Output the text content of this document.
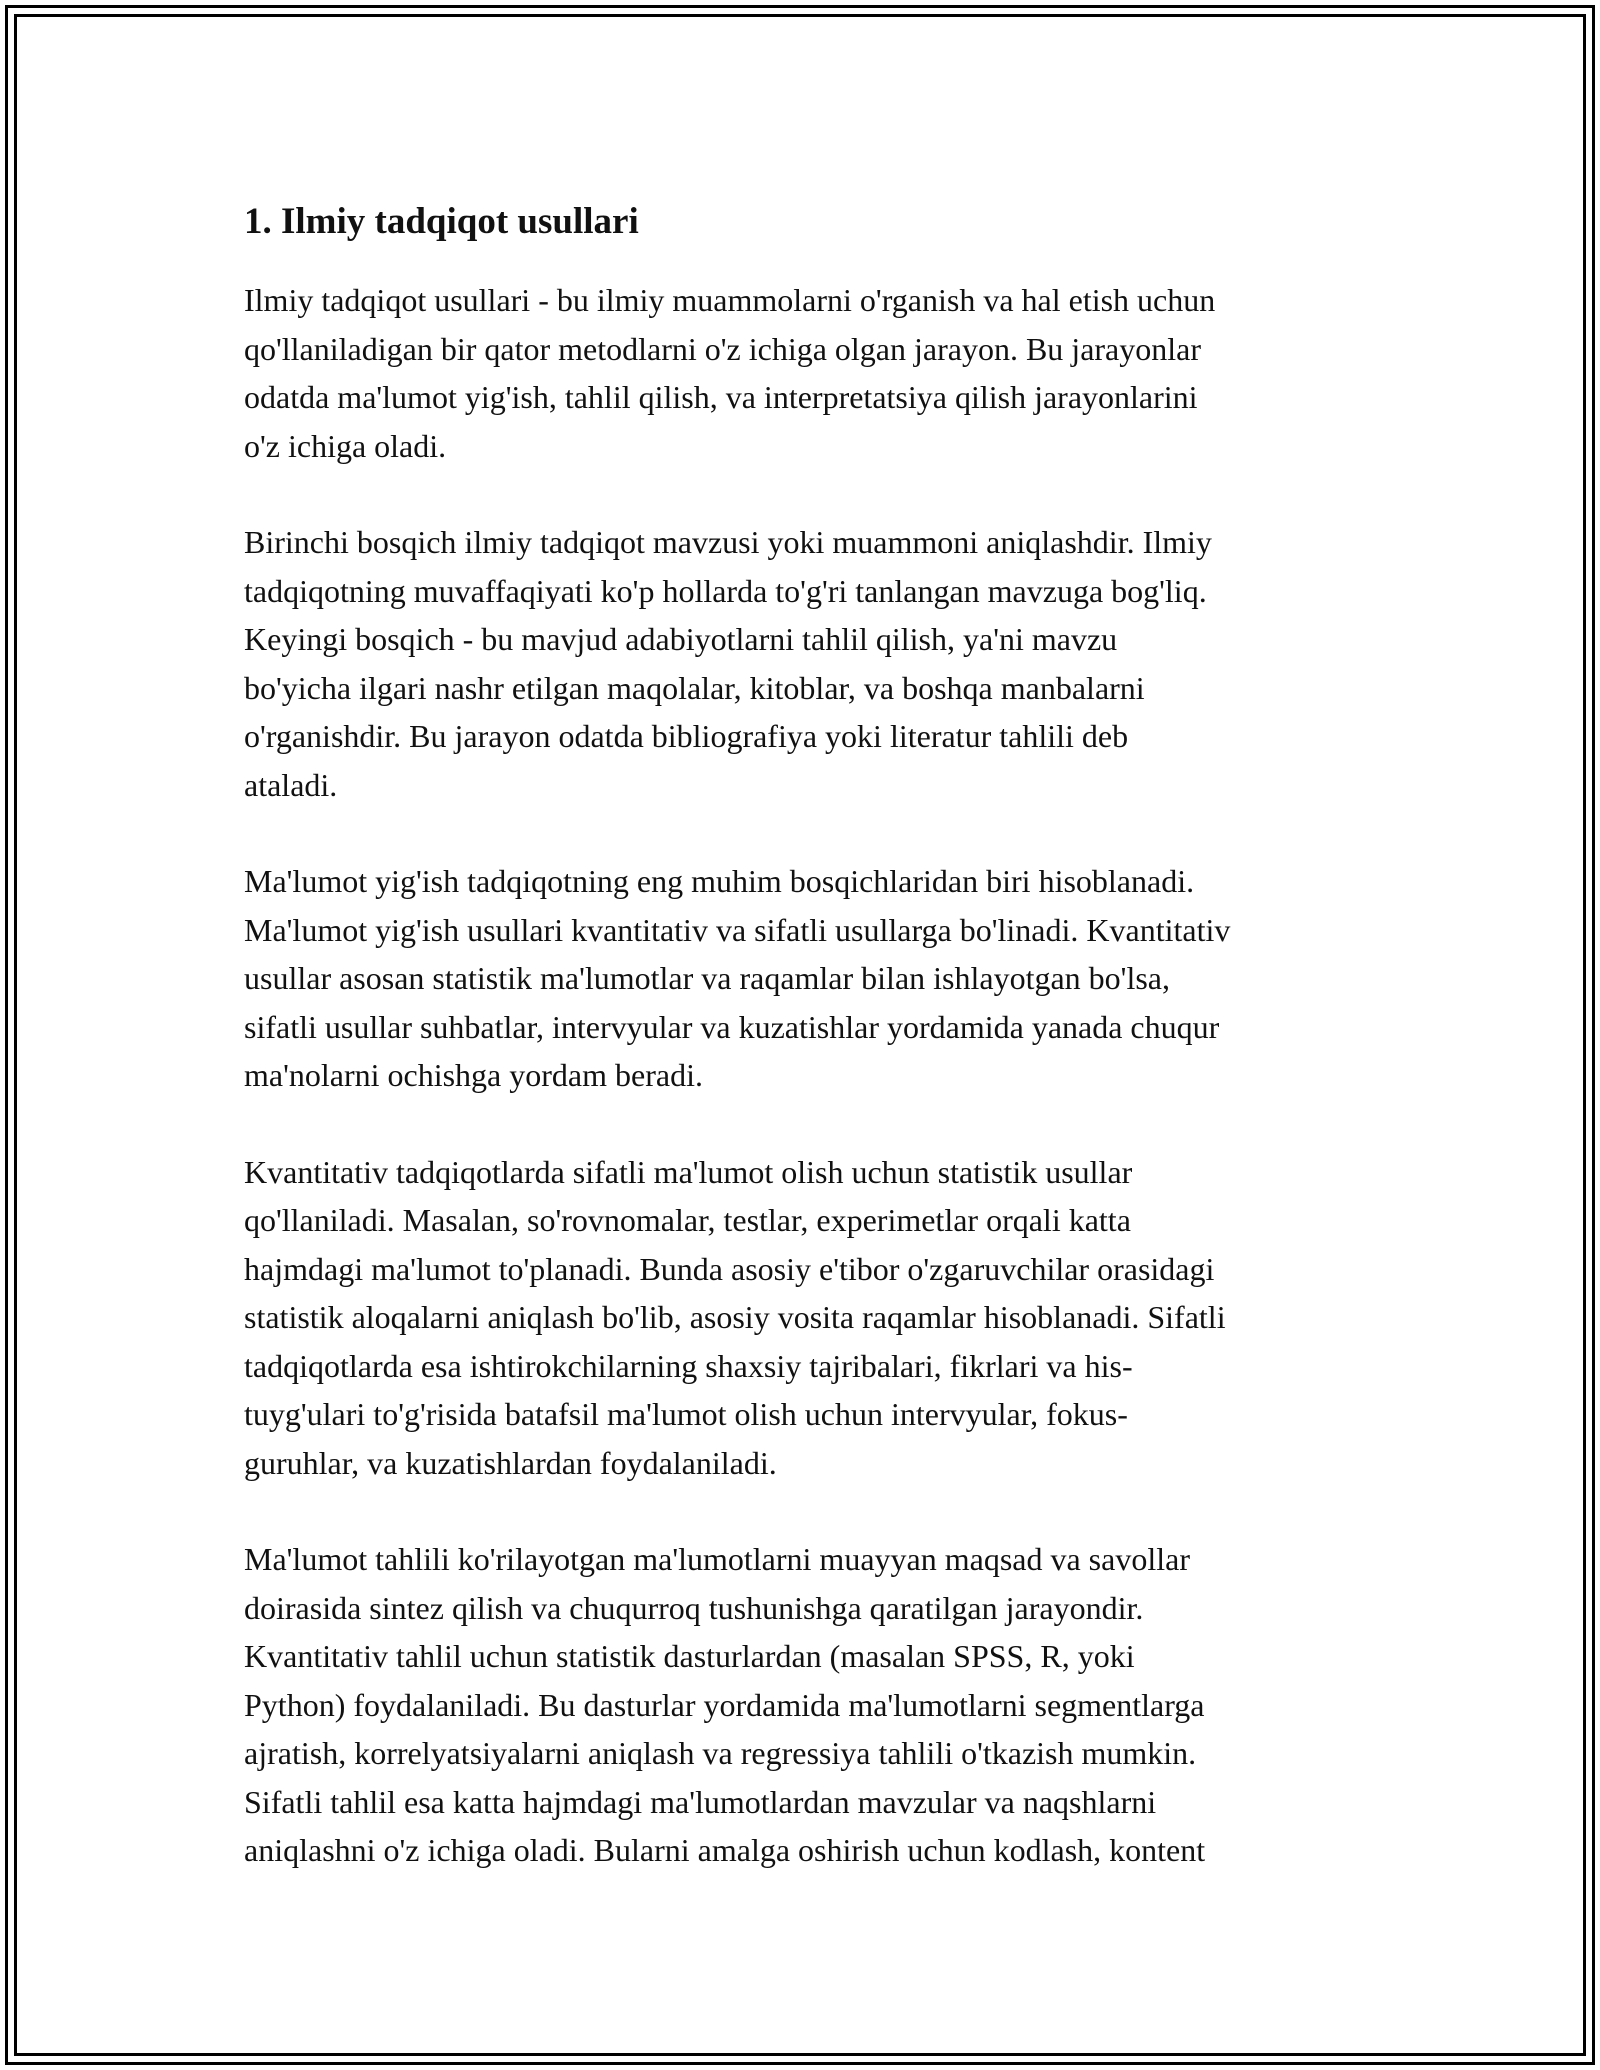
1. Ilmiy tadqiqot usullari

Ilmiy tadqiqot usullari - bu ilmiy muammolarni o'rganish va hal etish uchun
qo'llaniladigan bir qator metodlarni o'z ichiga olgan jarayon. Bu jarayonlar
odatda ma'lumot yig'ish, tahlil qilish, va interpretatsiya qilish jarayonlarini
o'z ichiga oladi.

Birinchi bosqich ilmiy tadqiqot mavzusi yoki muammoni aniqlashdir. Ilmiy
tadqiqotning muvaffaqiyati ko'p hollarda to'g'ri tanlangan mavzuga bog'liq.
Keyingi bosqich - bu mavjud adabiyotlarni tahlil qilish, ya'ni mavzu
bo'yicha ilgari nashr etilgan maqolalar, kitoblar, va boshqa manbalarni
o'rganishdir. Bu jarayon odatda bibliografiya yoki literatur tahlili deb
ataladi.

Ma'lumot yig'ish tadqiqotning eng muhim bosqichlaridan biri hisoblanadi.
Ma'lumot yig'ish usullari kvantitativ va sifatli usullarga bo'linadi. Kvantitativ
usullar asosan statistik ma'lumotlar va raqamlar bilan ishlayotgan bo'lsa,
sifatli usullar suhbatlar, intervyular va kuzatishlar yordamida yanada chuqur
ma'nolarni ochishga yordam beradi.

Kvantitativ tadqiqotlarda sifatli ma'lumot olish uchun statistik usullar
qo'llaniladi. Masalan, so'rovnomalar, testlar, experimetlar orqali katta
hajmdagi ma'lumot to'planadi. Bunda asosiy e'tibor o'zgaruvchilar orasidagi
statistik aloqalarni aniqlash bo'lib, asosiy vosita raqamlar hisoblanadi. Sifatli
tadqiqotlarda esa ishtirokchilarning shaxsiy tajribalari, fikrlari va his-
tuyg'ulari to'g'risida batafsil ma'lumot olish uchun intervyular, fokus-
guruhlar, va kuzatishlardan foydalaniladi.

Ma'lumot tahlili ko'rilayotgan ma'lumotlarni muayyan maqsad va savollar
doirasida sintez qilish va chuqurroq tushunishga qaratilgan jarayondir.
Kvantitativ tahlil uchun statistik dasturlardan (masalan SPSS, R, yoki
Python) foydalaniladi. Bu dasturlar yordamida ma'lumotlarni segmentlarga
ajratish, korrelyatsiyalarni aniqlash va regressiya tahlili o'tkazish mumkin.
Sifatli tahlil esa katta hajmdagi ma'lumotlardan mavzular va naqshlarni
aniqlashni o'z ichiga oladi. Bularni amalga oshirish uchun kodlash, kontent
